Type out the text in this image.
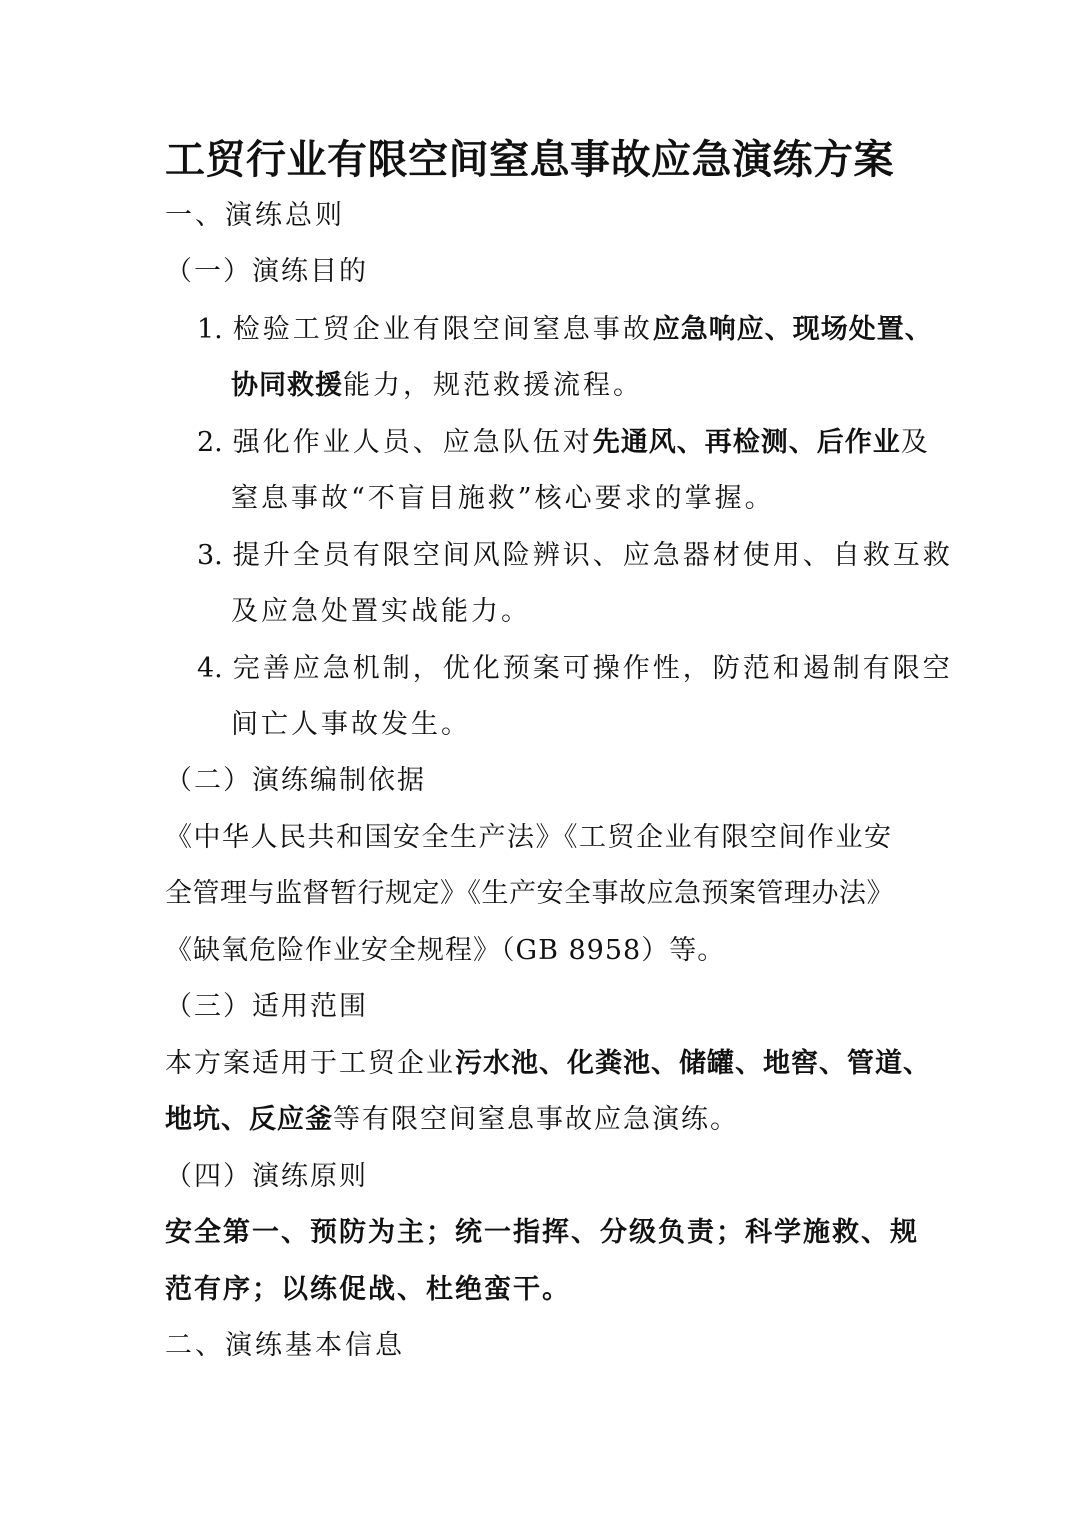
工贸行业有限空间窒息事故应急演练方案
一、演练总则
（一）演练目的
1. 检验工贸企业有限空间窒息事故应急响应、现场处置、
协同救援能力，规范救援流程。
2. 强化作业人员、应急队伍对先通风、再检测、后作业及
窒息事故“不盲目施救”核心要求的掌握。
3. 提升全员有限空间风险辨识、应急器材使用、自救互救
及应急处置实战能力。
4. 完善应急机制，优化预案可操作性，防范和遏制有限空
间亡人事故发生。
（二）演练编制依据
《中华人民共和国安全生产法》《工贸企业有限空间作业安
全管理与监督暂行规定》《生产安全事故应急预案管理办法》
《缺氧危险作业安全规程》（GB 8958）等。
（三）适用范围
本方案适用于工贸企业污水池、化粪池、储罐、地窖、管道、
地坑、反应釜等有限空间窒息事故应急演练。
（四）演练原则
安全第一、预防为主；统一指挥、分级负责；科学施救、规
范有序；以练促战、杜绝蛮干。
二、演练基本信息
